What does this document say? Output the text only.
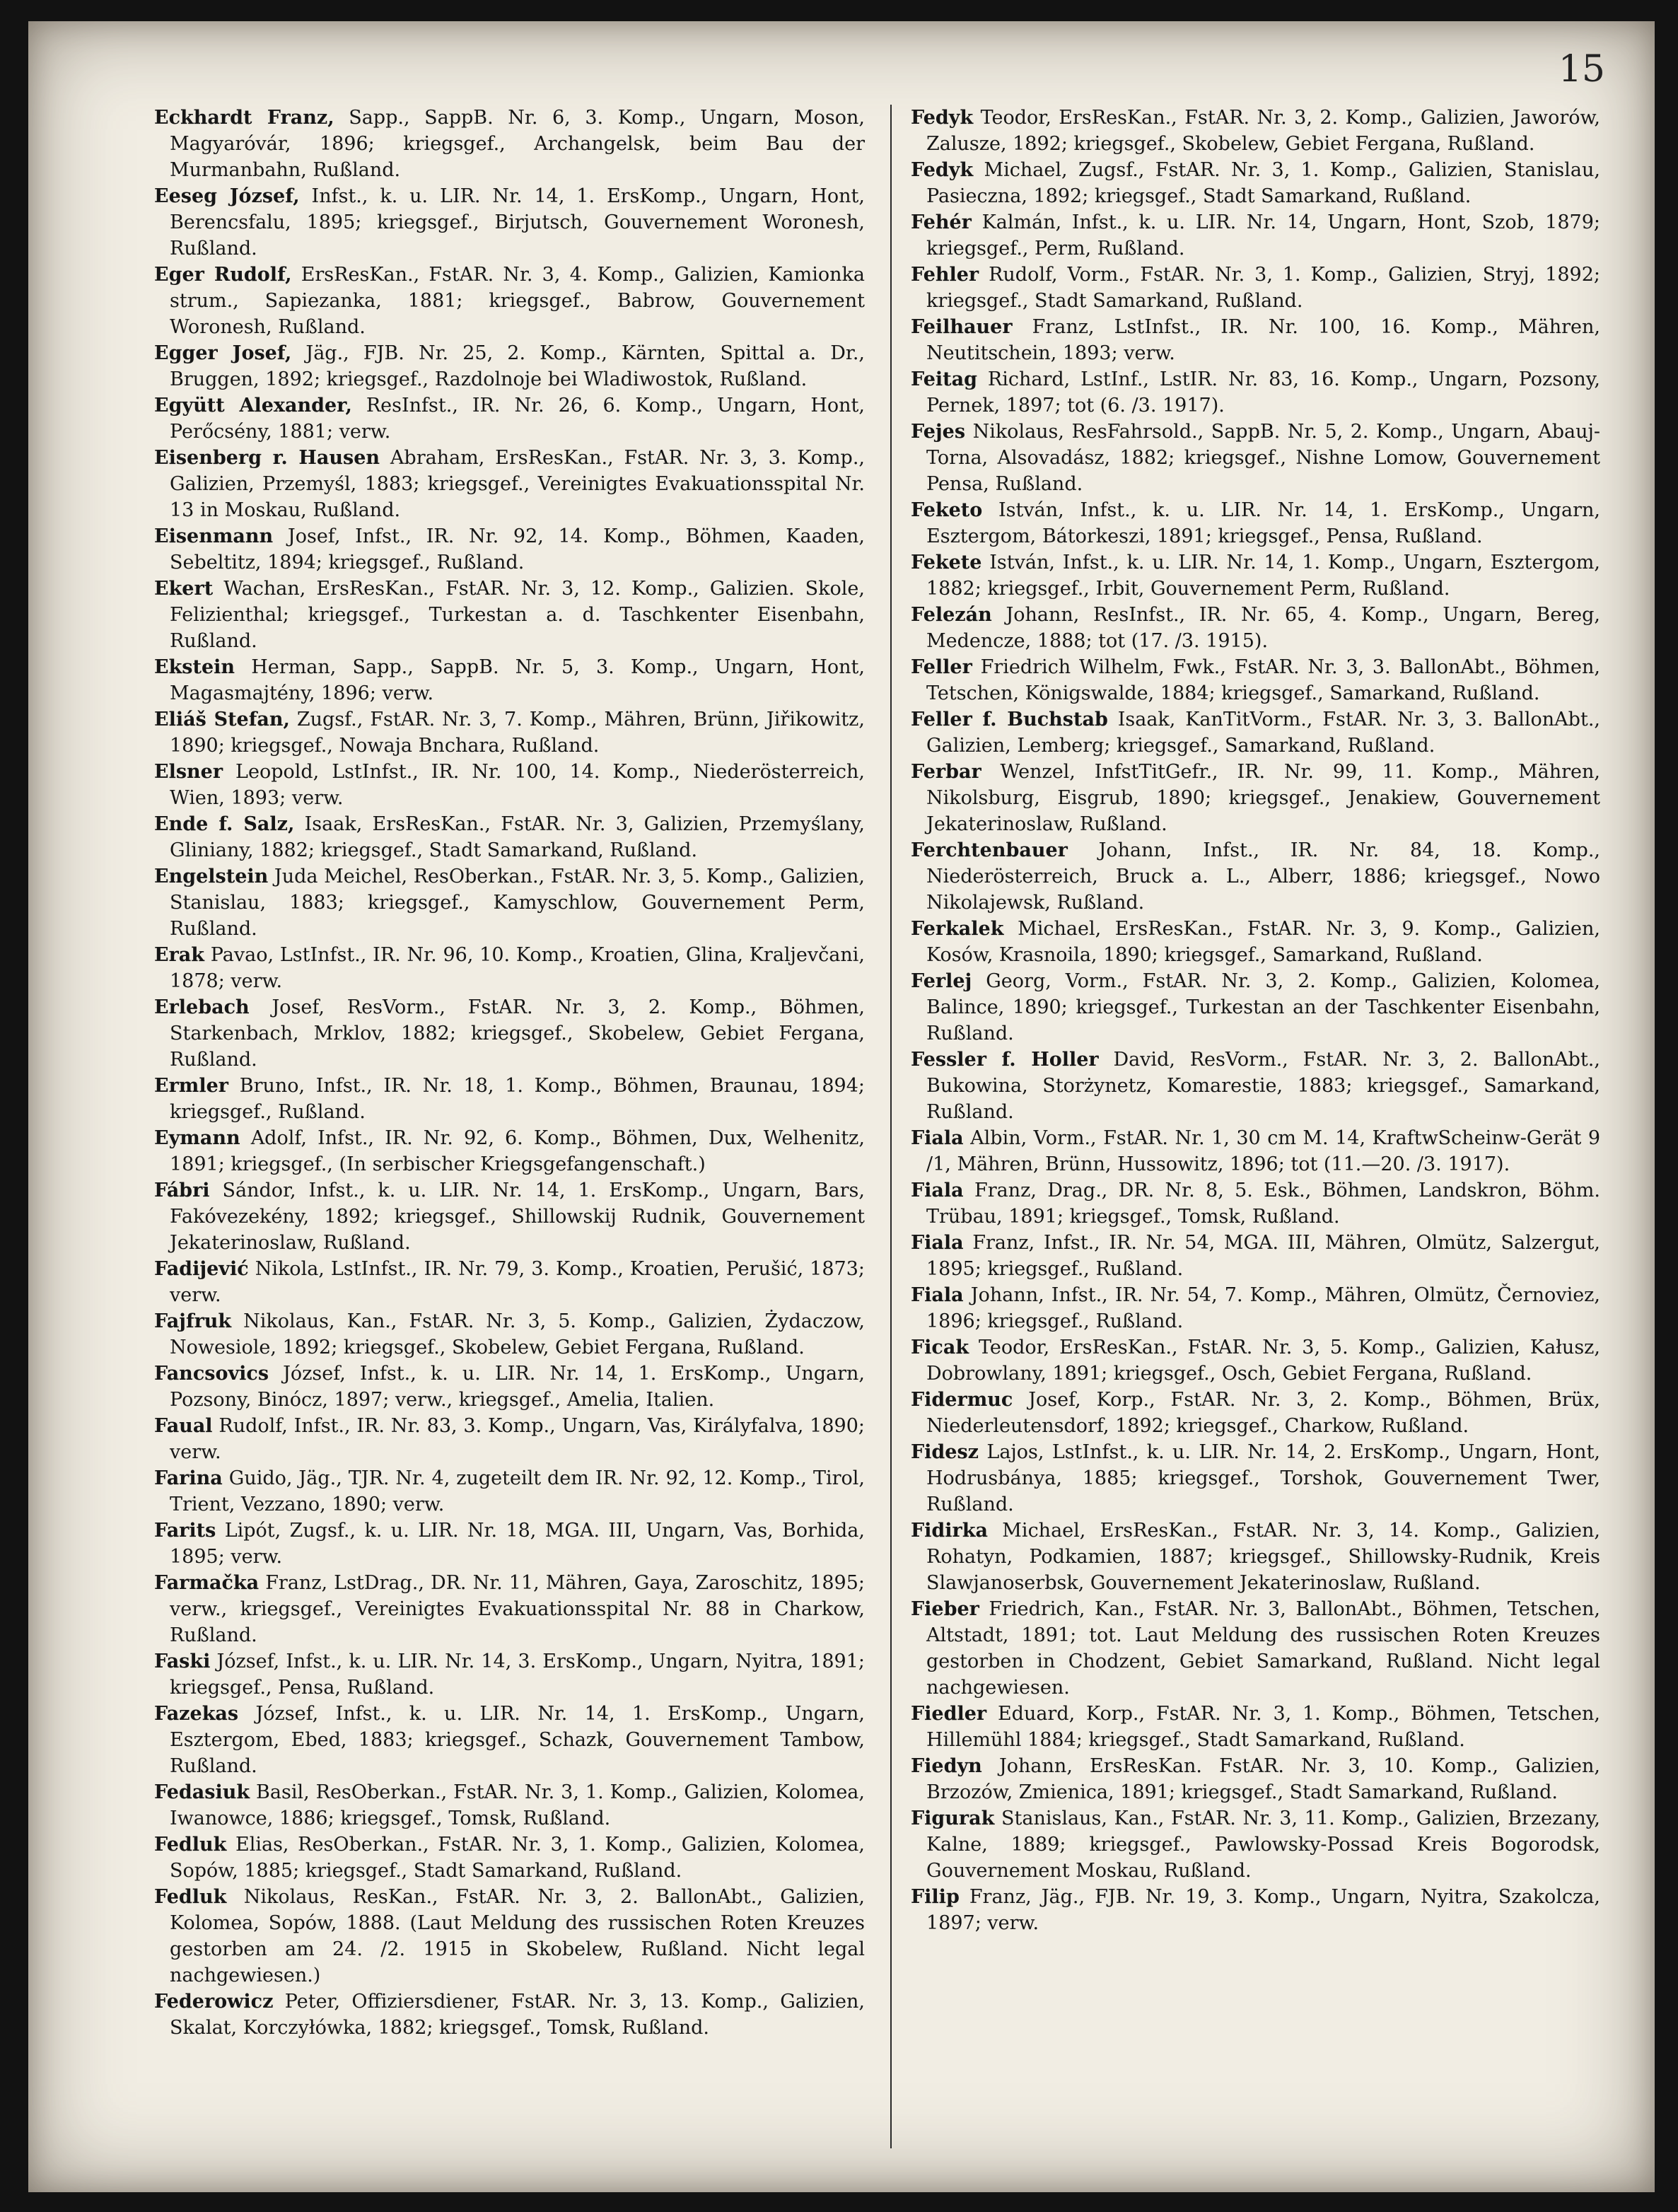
15
Eckhardt Franz, Sapp., SappB. Nr. 6, 3. Komp., Ungarn, Moson, Magyaróvár, 1896; kriegsgef., Archangelsk, beim Bau der Murmanbahn, Rußland.
Eeseg József, Infst., k. u. LIR. Nr. 14, 1. ErsKomp., Ungarn, Hont, Berencsfalu, 1895; kriegsgef., Birjutsch, Gouvernement Woronesh, Rußland.
Eger Rudolf, ErsResKan., FstAR. Nr. 3, 4. Komp., Galizien, Kamionka strum., Sapiezanka, 1881; kriegsgef., Babrow, Gouvernement Woronesh, Rußland.
Egger Josef, Jäg., FJB. Nr. 25, 2. Komp., Kärnten, Spittal a. Dr., Bruggen, 1892; kriegsgef., Razdolnoje bei Wladiwostok, Rußland.
Együtt Alexander, ResInfst., IR. Nr. 26, 6. Komp., Ungarn, Hont, Perőcsény, 1881; verw.
Eisenberg r. Hausen Abraham, ErsResKan., FstAR. Nr. 3, 3. Komp., Galizien, Przemyśl, 1883; kriegsgef., Vereinigtes Evakuationsspital Nr. 13 in Moskau, Rußland.
Eisenmann Josef, Infst., IR. Nr. 92, 14. Komp., Böhmen, Kaaden, Sebeltitz, 1894; kriegsgef., Rußland.
Ekert Wachan, ErsResKan., FstAR. Nr. 3, 12. Komp., Galizien. Skole, Felizienthal; kriegsgef., Turkestan a. d. Taschkenter Eisenbahn, Rußland.
Ekstein Herman, Sapp., SappB. Nr. 5, 3. Komp., Ungarn, Hont, Magasmajtény, 1896; verw.
Eliáš Stefan, Zugsf., FstAR. Nr. 3, 7. Komp., Mähren, Brünn, Jiřikowitz, 1890; kriegsgef., Nowaja Bnchara, Rußland.
Elsner Leopold, LstInfst., IR. Nr. 100, 14. Komp., Niederösterreich, Wien, 1893; verw.
Ende f. Salz, Isaak, ErsResKan., FstAR. Nr. 3, Galizien, Przemyślany, Gliniany, 1882; kriegsgef., Stadt Samarkand, Rußland.
Engelstein Juda Meichel, ResOberkan., FstAR. Nr. 3, 5. Komp., Galizien, Stanislau, 1883; kriegsgef., Kamyschlow, Gouvernement Perm, Rußland.
Erak Pavao, LstInfst., IR. Nr. 96, 10. Komp., Kroatien, Glina, Kraljevčani, 1878; verw.
Erlebach Josef, ResVorm., FstAR. Nr. 3, 2. Komp., Böhmen, Starkenbach, Mrklov, 1882; kriegsgef., Skobelew, Gebiet Fergana, Rußland.
Ermler Bruno, Infst., IR. Nr. 18, 1. Komp., Böhmen, Braunau, 1894; kriegsgef., Rußland.
Eymann Adolf, Infst., IR. Nr. 92, 6. Komp., Böhmen, Dux, Welhenitz, 1891; kriegsgef., (In serbischer Kriegsgefangenschaft.)
Fábri Sándor, Infst., k. u. LIR. Nr. 14, 1. ErsKomp., Ungarn, Bars, Fakóvezekény, 1892; kriegsgef., Shillowskij Rudnik, Gouvernement Jekaterinoslaw, Rußland.
Fadijević Nikola, LstInfst., IR. Nr. 79, 3. Komp., Kroatien, Perušić, 1873; verw.
Fajfruk Nikolaus, Kan., FstAR. Nr. 3, 5. Komp., Galizien, Żydaczow, Nowesiole, 1892; kriegsgef., Skobelew, Gebiet Fergana, Rußland.
Fancsovics József, Infst., k. u. LIR. Nr. 14, 1. ErsKomp., Ungarn, Pozsony, Binócz, 1897; verw., kriegsgef., Amelia, Italien.
Faual Rudolf, Infst., IR. Nr. 83, 3. Komp., Ungarn, Vas, Királyfalva, 1890; verw.
Farina Guido, Jäg., TJR. Nr. 4, zugeteilt dem IR. Nr. 92, 12. Komp., Tirol, Trient, Vezzano, 1890; verw.
Farits Lipót, Zugsf., k. u. LIR. Nr. 18, MGA. III, Ungarn, Vas, Borhida, 1895; verw.
Farmačka Franz, LstDrag., DR. Nr. 11, Mähren, Gaya, Zaroschitz, 1895; verw., kriegsgef., Vereinigtes Evakuationsspital Nr. 88 in Charkow, Rußland.
Faski József, Infst., k. u. LIR. Nr. 14, 3. ErsKomp., Ungarn, Nyitra, 1891; kriegsgef., Pensa, Rußland.
Fazekas József, Infst., k. u. LIR. Nr. 14, 1. ErsKomp., Ungarn, Esztergom, Ebed, 1883; kriegsgef., Schazk, Gouvernement Tambow, Rußland.
Fedasiuk Basil, ResOberkan., FstAR. Nr. 3, 1. Komp., Galizien, Kolomea, Iwanowce, 1886; kriegsgef., Tomsk, Rußland.
Fedluk Elias, ResOberkan., FstAR. Nr. 3, 1. Komp., Galizien, Kolomea, Sopów, 1885; kriegsgef., Stadt Samarkand, Rußland.
Fedluk Nikolaus, ResKan., FstAR. Nr. 3, 2. BallonAbt., Galizien, Kolomea, Sopów, 1888. (Laut Meldung des russischen Roten Kreuzes gestorben am 24. /2. 1915 in Skobelew, Rußland. Nicht legal nachgewiesen.)
Federowicz Peter, Offiziersdiener, FstAR. Nr. 3, 13. Komp., Galizien, Skalat, Korczyłówka, 1882; kriegsgef., Tomsk, Rußland.
Fedyk Teodor, ErsResKan., FstAR. Nr. 3, 2. Komp., Galizien, Jaworów, Zalusze, 1892; kriegsgef., Skobelew, Gebiet Fergana, Rußland.
Fedyk Michael, Zugsf., FstAR. Nr. 3, 1. Komp., Galizien, Stanislau, Pasieczna, 1892; kriegsgef., Stadt Samarkand, Rußland.
Fehér Kalmán, Infst., k. u. LIR. Nr. 14, Ungarn, Hont, Szob, 1879; kriegsgef., Perm, Rußland.
Fehler Rudolf, Vorm., FstAR. Nr. 3, 1. Komp., Galizien, Stryj, 1892; kriegsgef., Stadt Samarkand, Rußland.
Feilhauer Franz, LstInfst., IR. Nr. 100, 16. Komp., Mähren, Neutitschein, 1893; verw.
Feitag Richard, LstInf., LstIR. Nr. 83, 16. Komp., Ungarn, Pozsony, Pernek, 1897; tot (6. /3. 1917).
Fejes Nikolaus, ResFahrsold., SappB. Nr. 5, 2. Komp., Ungarn, Abauj-Torna, Alsovadász, 1882; kriegsgef., Nishne Lomow, Gouvernement Pensa, Rußland.
Feketo István, Infst., k. u. LIR. Nr. 14, 1. ErsKomp., Ungarn, Esztergom, Bátorkeszi, 1891; kriegsgef., Pensa, Rußland.
Fekete István, Infst., k. u. LIR. Nr. 14, 1. Komp., Ungarn, Esztergom, 1882; kriegsgef., Irbit, Gouvernement Perm, Rußland.
Felezán Johann, ResInfst., IR. Nr. 65, 4. Komp., Ungarn, Bereg, Medencze, 1888; tot (17. /3. 1915).
Feller Friedrich Wilhelm, Fwk., FstAR. Nr. 3, 3. BallonAbt., Böhmen, Tetschen, Königswalde, 1884; kriegsgef., Samarkand, Rußland.
Feller f. Buchstab Isaak, KanTitVorm., FstAR. Nr. 3, 3. BallonAbt., Galizien, Lemberg; kriegsgef., Samarkand, Rußland.
Ferbar Wenzel, InfstTitGefr., IR. Nr. 99, 11. Komp., Mähren, Nikolsburg, Eisgrub, 1890; kriegsgef., Jenakiew, Gouvernement Jekaterinoslaw, Rußland.
Ferchtenbauer Johann, Infst., IR. Nr. 84, 18. Komp., Niederösterreich, Bruck a. L., Alberr, 1886; kriegsgef., Nowo Nikolajewsk, Rußland.
Ferkalek Michael, ErsResKan., FstAR. Nr. 3, 9. Komp., Galizien, Kosów, Krasnoila, 1890; kriegsgef., Samarkand, Rußland.
Ferlej Georg, Vorm., FstAR. Nr. 3, 2. Komp., Galizien, Kolomea, Balince, 1890; kriegsgef., Turkestan an der Taschkenter Eisenbahn, Rußland.
Fessler f. Holler David, ResVorm., FstAR. Nr. 3, 2. BallonAbt., Bukowina, Storżynetz, Komarestie, 1883; kriegsgef., Samarkand, Rußland.
Fiala Albin, Vorm., FstAR. Nr. 1, 30 cm M. 14, KraftwScheinw-Gerät 9 /1, Mähren, Brünn, Hussowitz, 1896; tot (11.—20. /3. 1917).
Fiala Franz, Drag., DR. Nr. 8, 5. Esk., Böhmen, Landskron, Böhm. Trübau, 1891; kriegsgef., Tomsk, Rußland.
Fiala Franz, Infst., IR. Nr. 54, MGA. III, Mähren, Olmütz, Salzergut, 1895; kriegsgef., Rußland.
Fiala Johann, Infst., IR. Nr. 54, 7. Komp., Mähren, Olmütz, Černoviez, 1896; kriegsgef., Rußland.
Ficak Teodor, ErsResKan., FstAR. Nr. 3, 5. Komp., Galizien, Kałusz, Dobrowlany, 1891; kriegsgef., Osch, Gebiet Fergana, Rußland.
Fidermuc Josef, Korp., FstAR. Nr. 3, 2. Komp., Böhmen, Brüx, Niederleutensdorf, 1892; kriegsgef., Charkow, Rußland.
Fidesz Lajos, LstInfst., k. u. LIR. Nr. 14, 2. ErsKomp., Ungarn, Hont, Hodrusbánya, 1885; kriegsgef., Torshok, Gouvernement Twer, Rußland.
Fidirka Michael, ErsResKan., FstAR. Nr. 3, 14. Komp., Galizien, Rohatyn, Podkamien, 1887; kriegsgef., Shillowsky-Rudnik, Kreis Slawjanoserbsk, Gouvernement Jekaterinoslaw, Rußland.
Fieber Friedrich, Kan., FstAR. Nr. 3, BallonAbt., Böhmen, Tetschen, Altstadt, 1891; tot. Laut Meldung des russischen Roten Kreuzes gestorben in Chodzent, Gebiet Samarkand, Rußland. Nicht legal nachgewiesen.
Fiedler Eduard, Korp., FstAR. Nr. 3, 1. Komp., Böhmen, Tetschen, Hillemühl 1884; kriegsgef., Stadt Samarkand, Rußland.
Fiedyn Johann, ErsResKan. FstAR. Nr. 3, 10. Komp., Galizien, Brzozów, Zmienica, 1891; kriegsgef., Stadt Samarkand, Rußland.
Figurak Stanislaus, Kan., FstAR. Nr. 3, 11. Komp., Galizien, Brzezany, Kalne, 1889; kriegsgef., Pawlowsky-Possad Kreis Bogorodsk, Gouvernement Moskau, Rußland.
Filip Franz, Jäg., FJB. Nr. 19, 3. Komp., Ungarn, Nyitra, Szakolcza, 1897; verw.
